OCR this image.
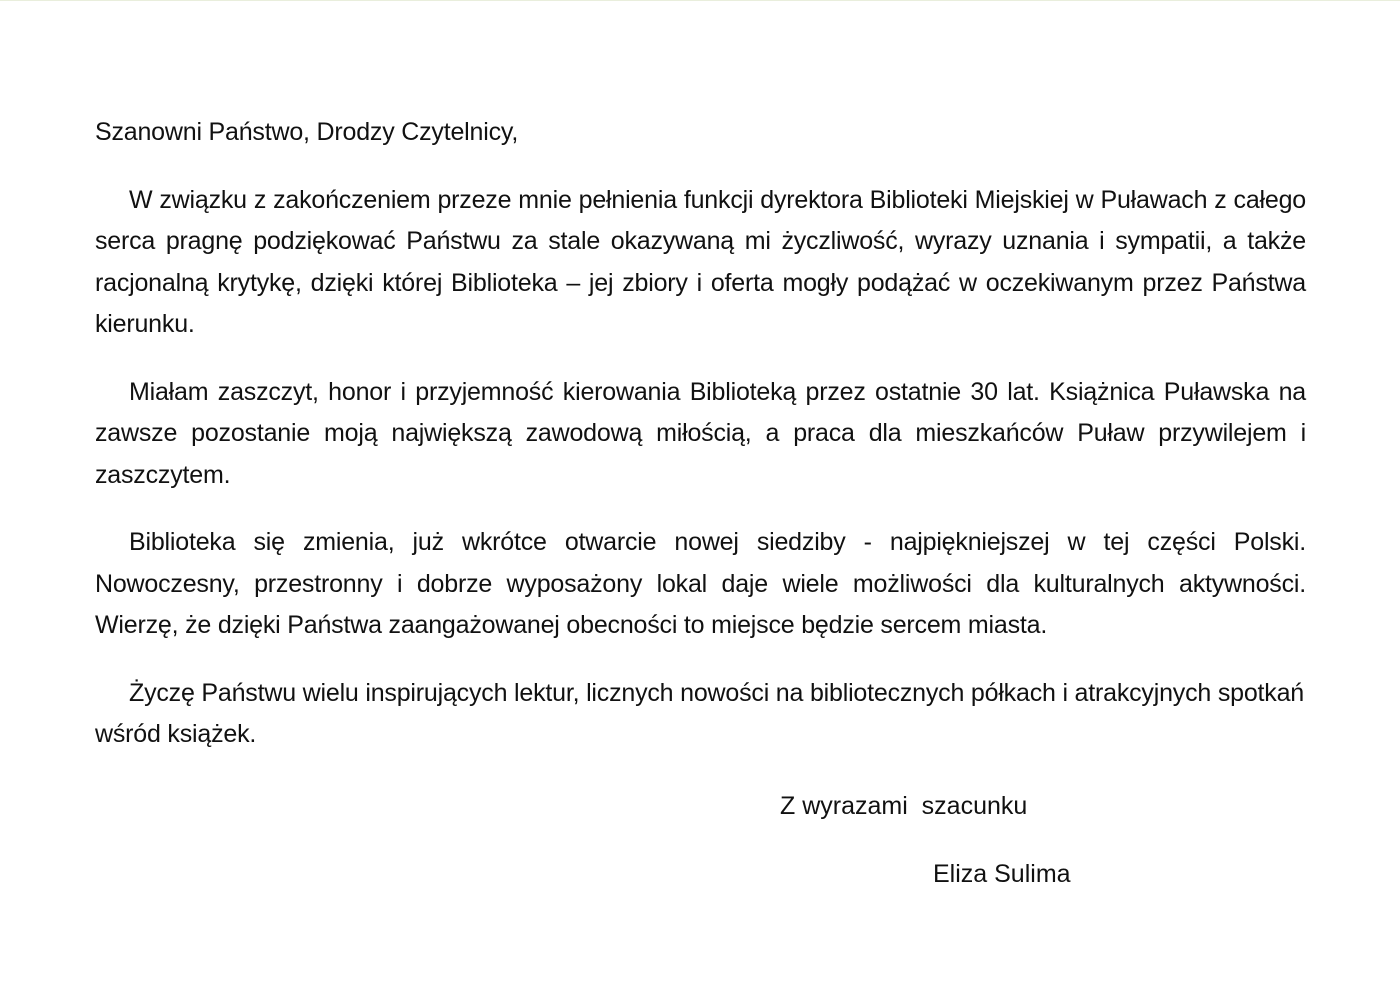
Szanowni Państwo, Drodzy Czytelnicy,

W związku z zakończeniem przeze mnie pełnienia funkcji dyrektora Biblioteki Miejskiej w Puławach z całego serca pragnę podziękować Państwu za stale okazywaną mi życzliwość, wyrazy uznania i sympatii, a także racjonalną krytykę, dzięki której Biblioteka – jej zbiory i oferta mogły podążać w oczekiwanym przez Państwa kierunku.

Miałam zaszczyt, honor i przyjemność kierowania Biblioteką przez ostatnie 30 lat. Książnica Puławska na zawsze pozostanie moją największą zawodową miłością, a praca dla mieszkańców Puław przywilejem i zaszczytem.

Biblioteka się zmienia, już wkrótce otwarcie nowej siedziby - najpiękniejszej w tej części Polski. Nowoczesny, przestronny i dobrze wyposażony lokal daje wiele możliwości dla kulturalnych aktywności. Wierzę, że dzięki Państwa zaangażowanej obecności to miejsce będzie sercem miasta.

Życzę Państwu wielu inspirujących lektur, licznych nowości na bibliotecznych półkach i atrakcyjnych spotkań wśród książek.

Z wyrazami  szacunku
Eliza Sulima
